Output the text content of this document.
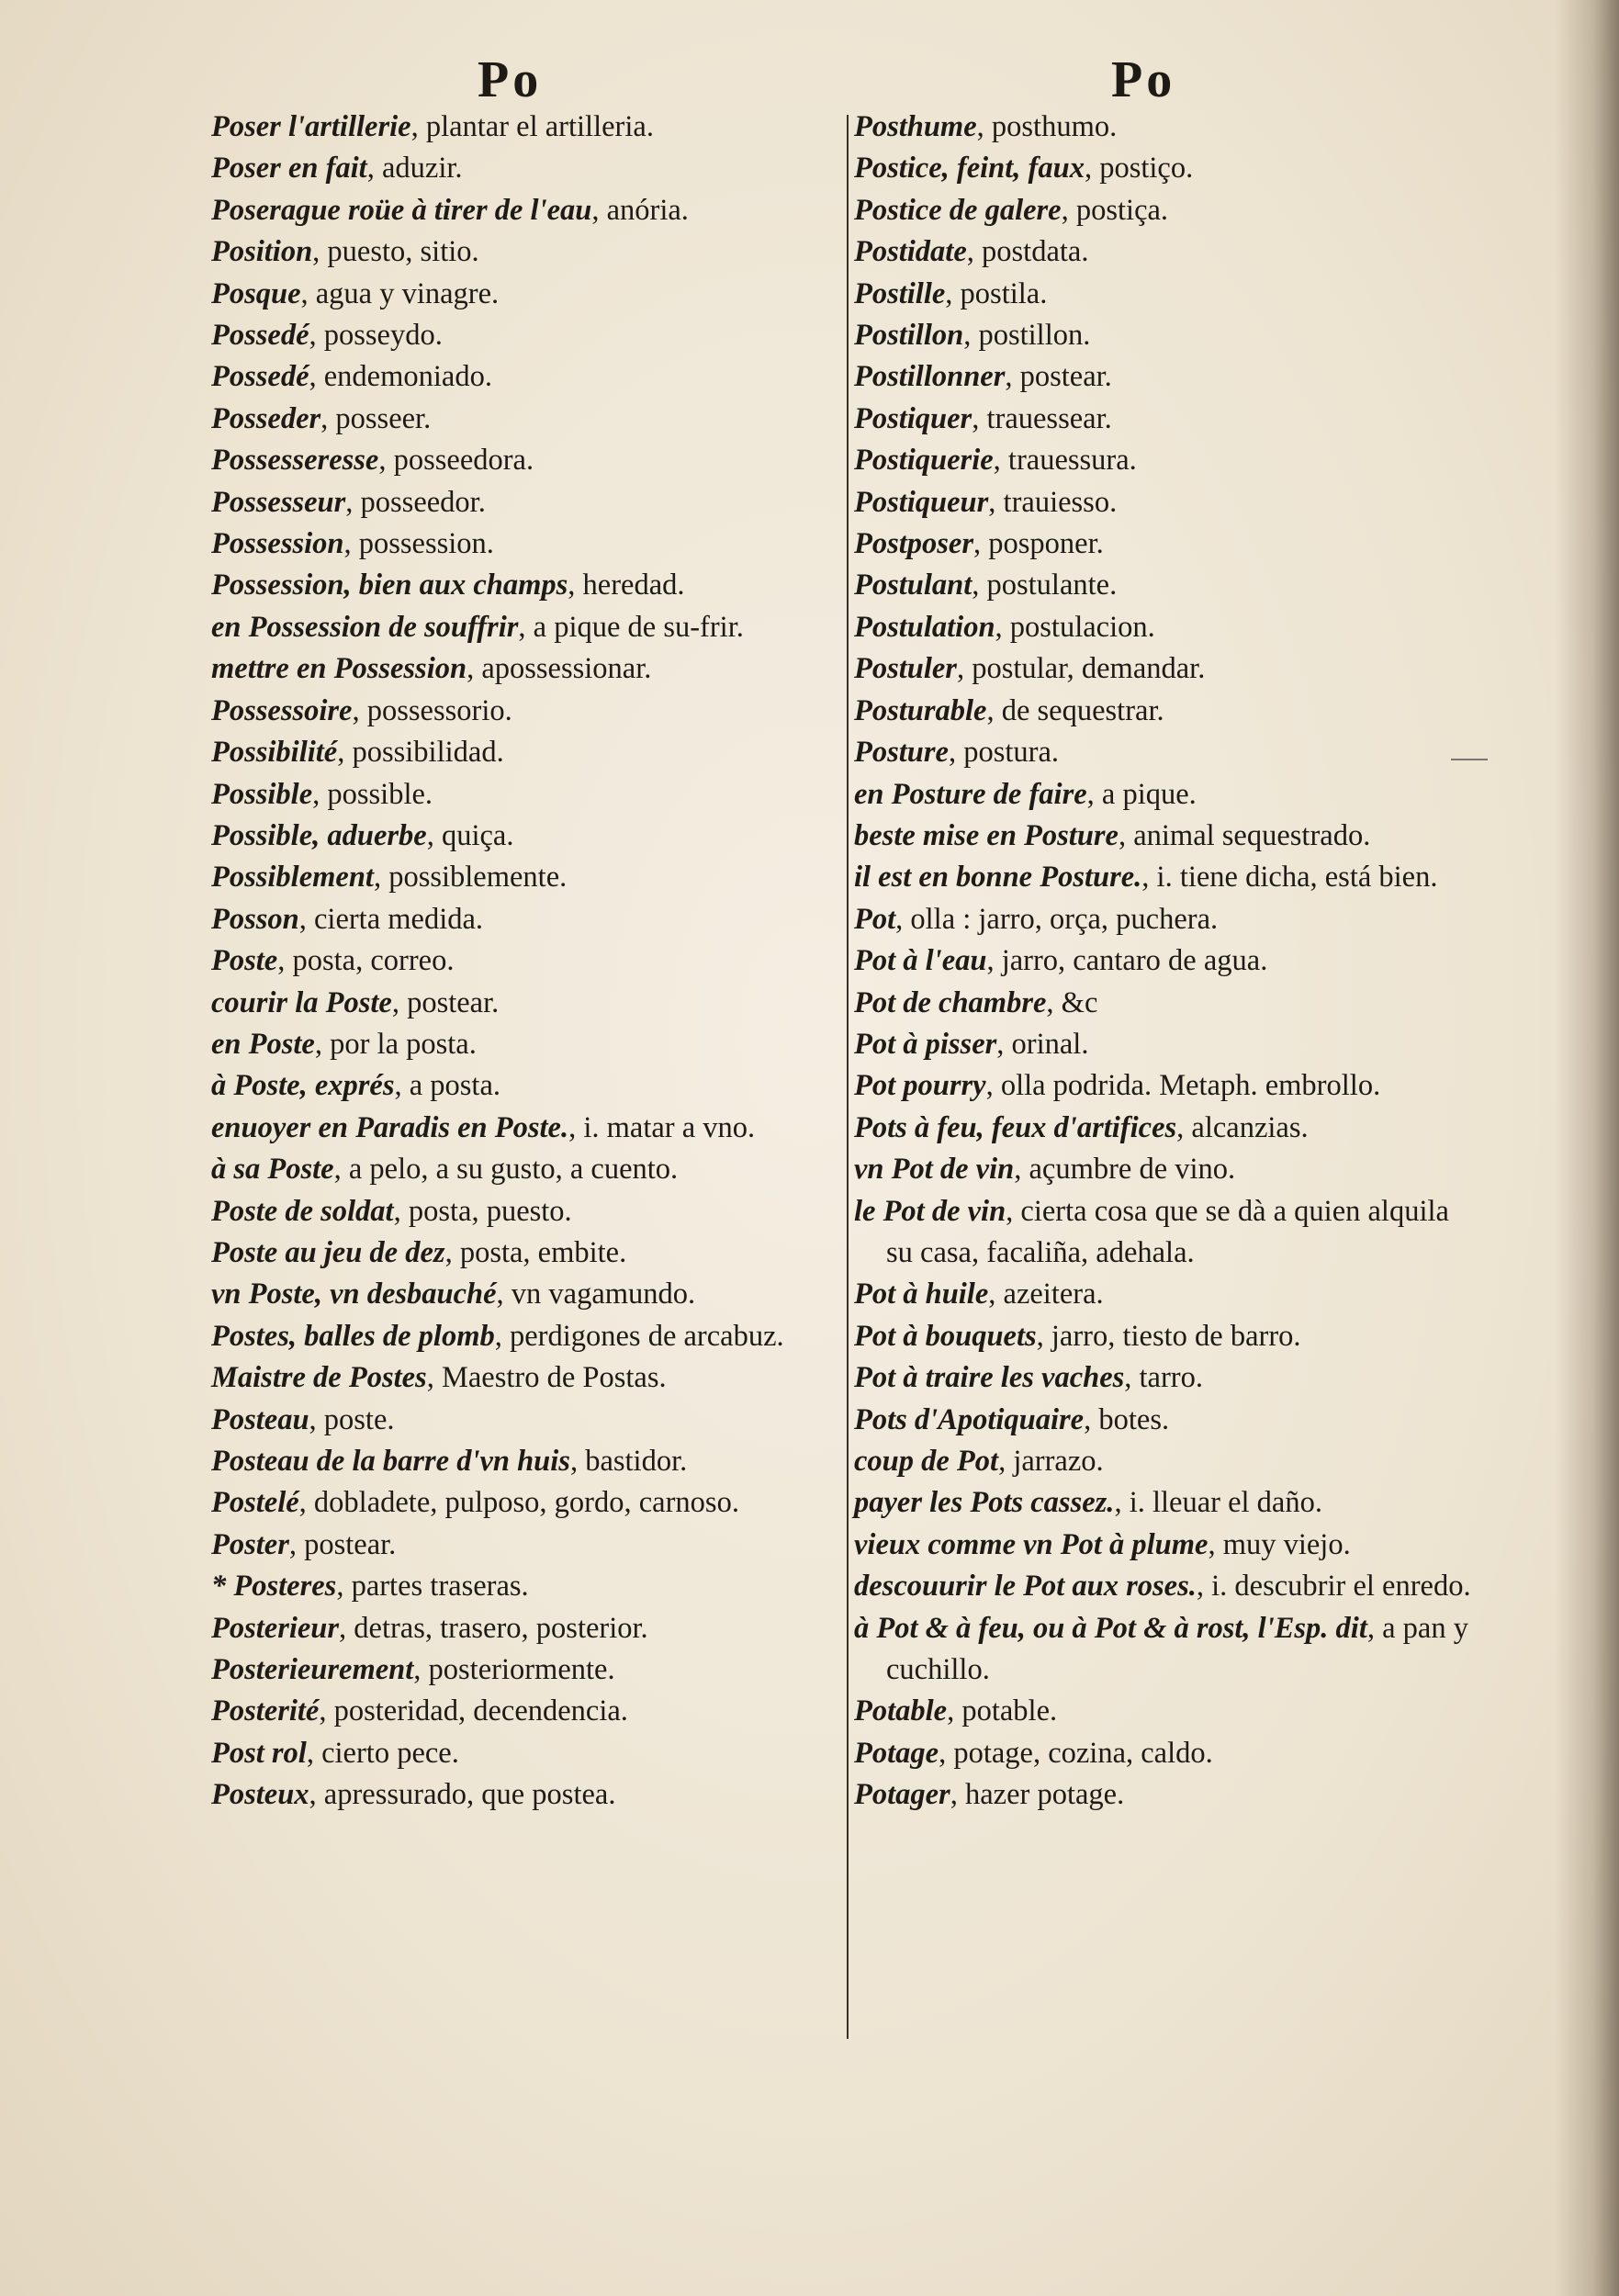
Po	Po
Poser l'artillerie, plantar el artilleria.
Poser en fait, aduzir.
Poserague roüe à tirer de l'eau, anória.
Position, puesto, sitio.
Posque, agua y vinagre.
Possedé, posseydo.
Possedé, endemoniado.
Posseder, posseer.
Possesseresse, posseedora.
Possesseur, posseedor.
Possession, possession.
Possession, bien aux champs, heredad.
en Possession de souffrir, a pique de su-frir.
mettre en Possession, apossessionar.
Possessoire, possessorio.
Possibilité, possibilidad.
Possible, possible.
Possible, aduerbe, quiça.
Possiblement, possiblemente.
Posson, cierta medida.
Poste, posta, correo.
courir la Poste, postear.
en Poste, por la posta.
à Poste, exprés, a posta.
enuoyer en Paradis en Poste., i. matar a vno.
à sa Poste, a pelo, a su gusto, a cuento.
Poste de soldat, posta, puesto.
Poste au jeu de dez, posta, embite.
vn Poste, vn desbauché, vn vagamundo.
Postes, balles de plomb, perdigones de arcabuz.
Maistre de Postes, Maestro de Postas.
Posteau, poste.
Posteau de la barre d'vn huis, bastidor.
Postelé, dobladete, pulposo, gordo, carnoso.
Poster, postear.
* Posteres, partes traseras.
Posterieur, detras, trasero, posterior.
Posterieurement, posteriormente.
Posterité, posteridad, decendencia.
Post rol, cierto pece.
Posteux, apressurado, que postea.
Posthume, posthumo.
Postice, feint, faux, postiço.
Postice de galere, postiça.
Postidate, postdata.
Postille, postila.
Postillon, postillon.
Postillonner, postear.
Postiquer, trauessear.
Postiquerie, trauessura.
Postiqueur, trauiesso.
Postposer, posponer.
Postulant, postulante.
Postulation, postulacion.
Postuler, postular, demandar.
Posturable, de sequestrar.
Posture, postura.
en Posture de faire, a pique.
beste mise en Posture, animal sequestrado.
il est en bonne Posture., i. tiene dicha, está bien.
Pot, olla : jarro, orça, puchera.
Pot à l'eau, jarro, cantaro de agua.
Pot de chambre, &c
Pot à pisser, orinal.
Pot pourry, olla podrida. Metaph. embrollo.
Pots à feu, feux d'artifices, alcanzias.
vn Pot de vin, açumbre de vino.
le Pot de vin, cierta cosa que se dà a quien alquila su casa, facaliña, adehala.
Pot à huile, azeitera.
Pot à bouquets, jarro, tiesto de barro.
Pot à traire les vaches, tarro.
Pots d'Apotiquaire, botes.
coup de Pot, jarrazo.
payer les Pots cassez., i. lleuar el daño.
vieux comme vn Pot à plume, muy viejo.
descouurir le Pot aux roses., i. descubrir el enredo.
à Pot & à feu, ou à Pot & à rost, l'Esp. dit, a pan y cuchillo.
Potable, potable.
Potage, potage, cozina, caldo.
Potager, hazer potage.
